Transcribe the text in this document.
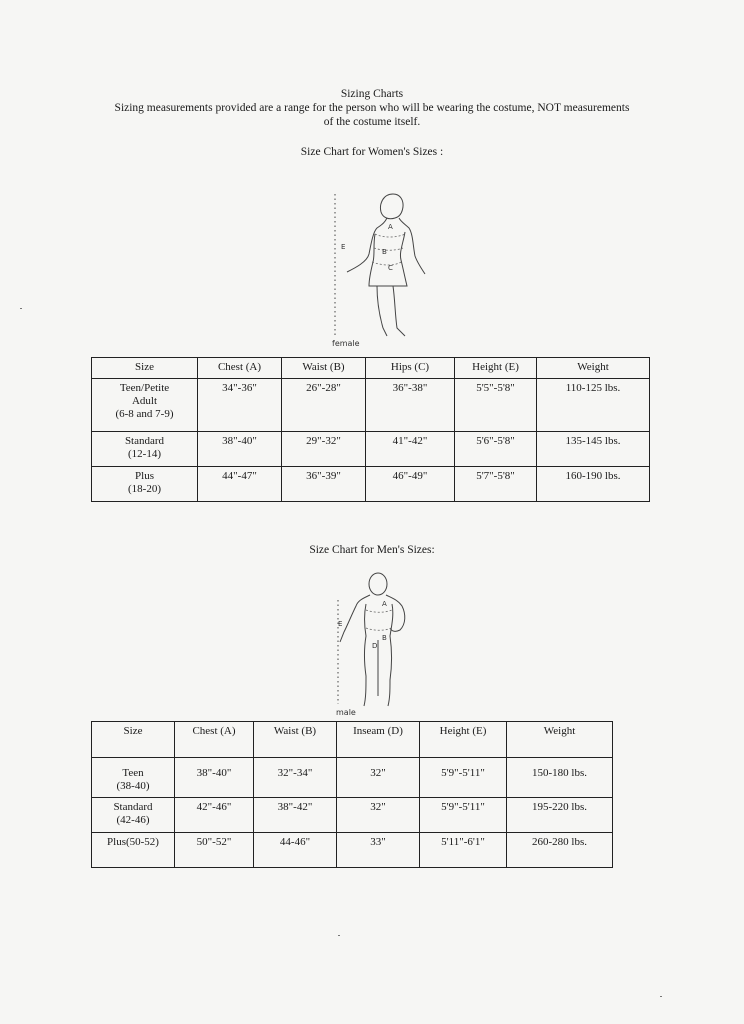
Sizing Charts
Sizing measurements provided are a range for the person who will be wearing the costume, NOT measurements of the costume itself.
Size Chart for Women's Sizes :
A
B
C
E
female
Size	Chest (A)	Waist (B)	Hips (C)	Height (E)	Weight

Teen/Petite
Adult
(6-8 and 7-9)	34"-36"	26"-28"	36"-38"	5'5"-5'8"	110-125 lbs.

Standard
(12-14)	38"-40"	29"-32"	41"-42"	5'6"-5'8"	135-145 lbs.

Plus
(18-20)	44"-47"	36"-39"	46"-49"	5'7"-5'8"	160-190 lbs.
Size Chart for Men's Sizes:
A
B
D
E
male
Size	Chest (A)	Waist (B)	Inseam (D)	Height (E)	Weight

Teen
(38-40)	38"-40"	32"-34"	32"	5'9"-5'11"	150-180 lbs.

Standard
(42-46)	42"-46"	38"-42"	32"	5'9"-5'11"	195-220 lbs.

Plus(50-52)	50"-52"	44-46"	33"	5'11"-6'1"	260-280 lbs.
